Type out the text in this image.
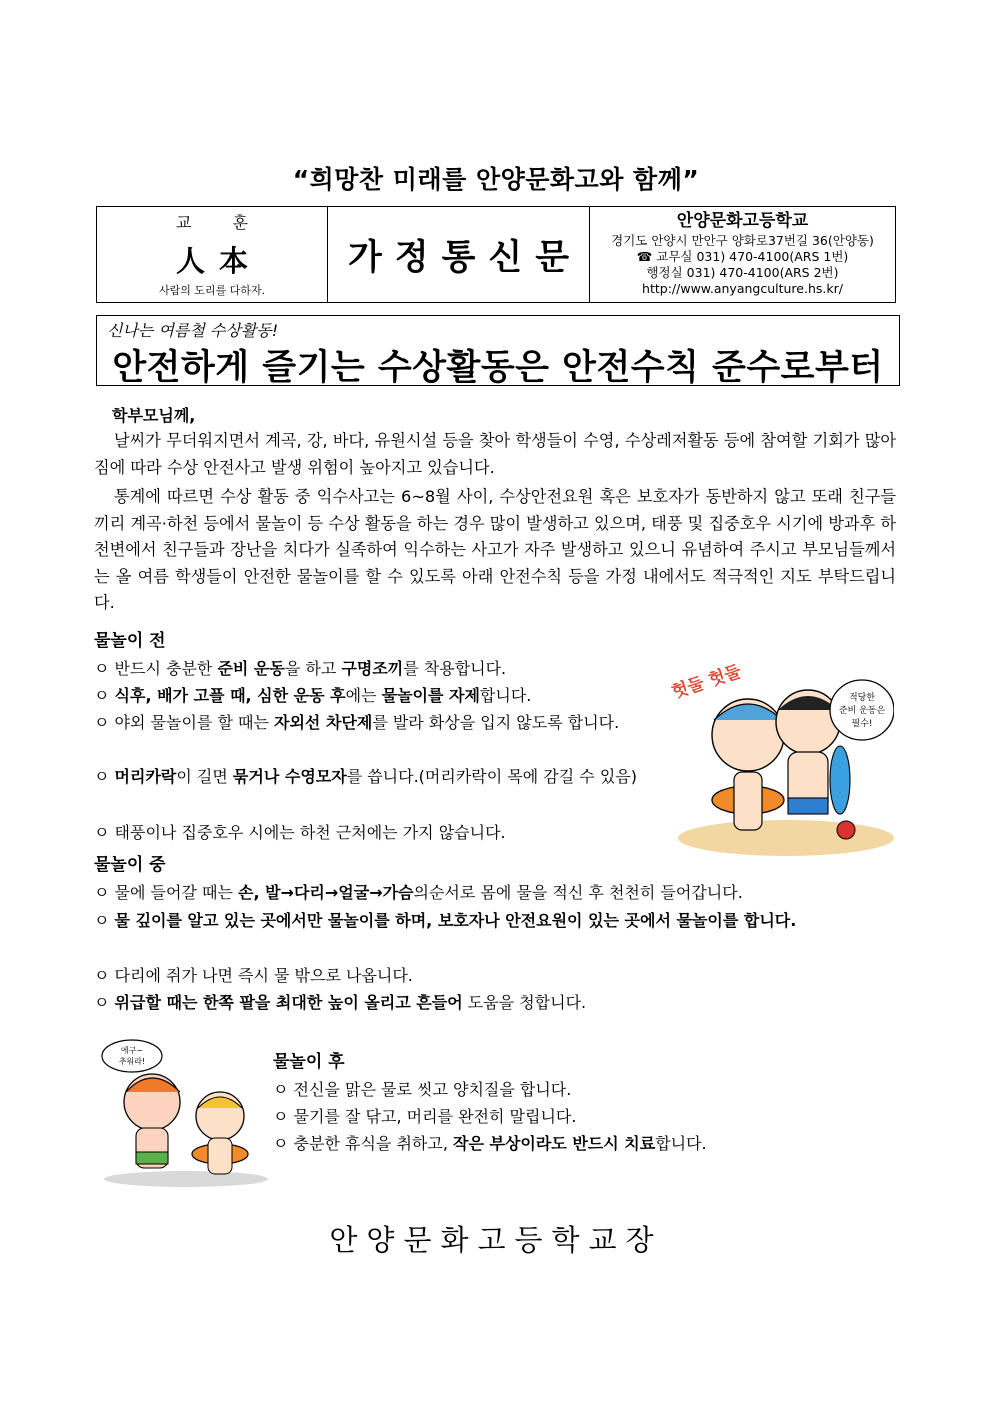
“희망찬 미래를 안양문화고와 함께”
교 훈
人本
사람의 도리를 다하자.
가정통신문
안양문화고등학교
경기도 안양시 만안구 양화로37번길 36(안양동)
☎ 교무실 031) 470-4100(ARS 1번)
행정실 031) 470-4100(ARS 2번)
http://www.anyangculture.hs.kr/
신나는 여름철 수상활동!
안전하게 즐기는 수상활동은 안전수칙 준수로부터
학부모님께,
날씨가 무더워지면서 계곡, 강, 바다, 유원시설 등을 찾아 학생들이 수영, 수상레저활동 등에 참여할 기회가 많아짐에 따라 수상 안전사고 발생 위험이 높아지고 있습니다.
통계에 따르면 수상 활동 중 익수사고는 6~8월 사이, 수상안전요원 혹은 보호자가 동반하지 않고 또래 친구들끼리 계곡·하천 등에서 물놀이 등 수상 활동을 하는 경우 많이 발생하고 있으며, 태풍 및 집중호우 시기에 방과후 하천변에서 친구들과 장난을 치다가 실족하여 익수하는 사고가 자주 발생하고 있으니 유념하여 주시고 부모님들께서는 올 여름 학생들이 안전한 물놀이를 할 수 있도록 아래 안전수칙 등을 가정 내에서도 적극적인 지도 부탁드립니다.
물놀이 전
ㅇ 반드시 충분한 준비 운동을 하고 구명조끼를 착용합니다.
ㅇ 식후, 배가 고플 때, 심한 운동 후에는 물놀이를 자제합니다.
ㅇ 야외 물놀이를 할 때는 자외선 차단제를 발라 화상을 입지 않도록 합니다.
ㅇ 머리카락이 길면 묶거나 수영모자를 씁니다.(머리카락이 목에 감길 수 있음)
ㅇ 태풍이나 집중호우 시에는 하천 근처에는 가지 않습니다.
적당한
준비 운동은
필수!
헛둘 헛둘
물놀이 중
ㅇ 물에 들어갈 때는 손, 발→다리→얼굴→가슴의순서로 몸에 물을 적신 후 천천히 들어갑니다.
ㅇ 물 깊이를 알고 있는 곳에서만 물놀이를 하며, 보호자나 안전요원이 있는 곳에서 물놀이를 합니다.
ㅇ 다리에 쥐가 나면 즉시 물 밖으로 나옵니다.
ㅇ 위급할 때는 한쪽 팔을 최대한 높이 올리고 흔들어 도움을 청합니다.
에구~
추워라!	물놀이 후
ㅇ 전신을 맑은 물로 씻고 양치질을 합니다.
ㅇ 물기를 잘 닦고, 머리를 완전히 말립니다.
ㅇ 충분한 휴식을 취하고, 작은 부상이라도 반드시 치료합니다.
안양문화고등학교장
